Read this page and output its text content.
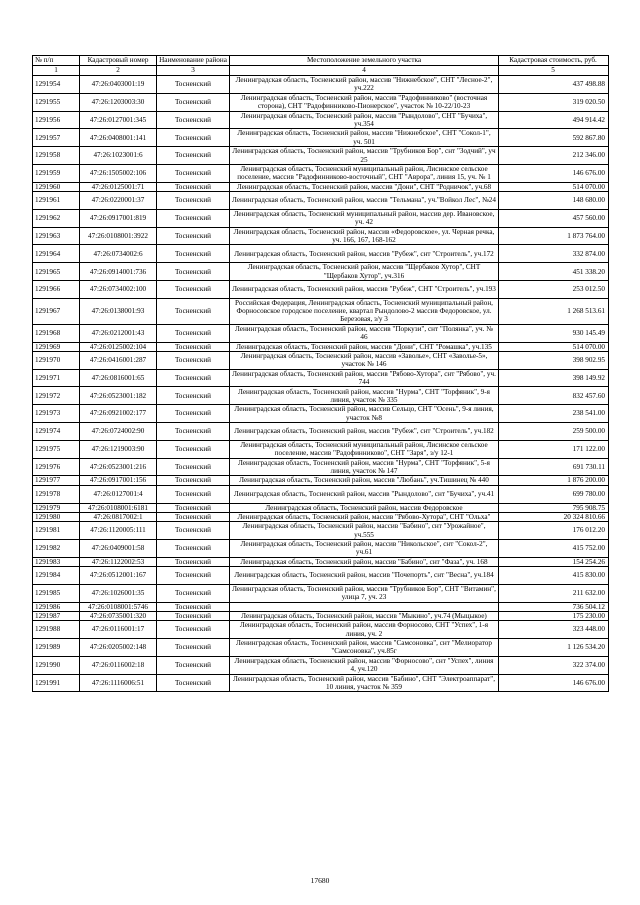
№ п/п	Кадастровый номер	Наименование района	Местоположение земельного участка	Кадастровая стоимость, руб.
1	2	3	4	5
1291954	47:26:0403001:19	Тосненский	Ленинградская область, Тосненский район, массив "Нижнебское", СНТ "Лесное-2", уч.222	437 498.88
1291955	47:26:1203003:30	Тосненский	Ленинградская область, Тосненский район, массив "Радофинниково" (восточная сторона), СНТ "Радофинниково-Пионерское", участок № 10-22/10-23	319 020.50
1291956	47:26:0127001:345	Тосненский	Ленинградская область, Тосненский район, массив "Рындолово", СНТ "Бучиха", уч.354	494 914.42
1291957	47:26:0408001:141	Тосненский	Ленинградская область, Тосненский район, массив "Нижнебское", СНТ "Сокол-1", уч. 501	592 867.80
1291958	47:26:1023001:6	Тосненский	Ленинградская область, Тосненский район, массив "Трубников Бор", снт "Зодчий", уч 25	212 346.00
1291959	47:26:1505002:106	Тосненский	Ленинградская область, Тосненский муниципальный район, Лисинское сельское поселение, массив "Радофинниково-восточный", СНТ "Аврора", линия 15, уч. № 1	146 676.00
1291960	47:26:0125001:71	Тосненский	Ленинградская область, Тосненский район, массив "Дони", СНТ "Родничок", уч.68	514 070.00
1291961	47:26:0220001:37	Тосненский	Ленинградская область, Тосненский район, массив "Тельмана", уч."Войкол Лес", №24	148 680.00
1291962	47:26:0917001:819	Тосненский	Ленинградская область, Тосненский муниципальный район, массив дер. Ивановское, уч. 42	457 560.00
1291963	47:26:0108001:3922	Тосненский	Ленинградская область, Тосненский район, массив «Федоровское», ул. Черная речка, уч. 166, 167, 168-162	1 873 764.00
1291964	47:26:0734002:6	Тосненский	Ленинградская область, Тосненский район, массив "Рубеж", снт "Строитель", уч.172	332 874.00
1291965	47:26:0914001:736	Тосненский	Ленинградская область, Тосненский район, массив "Щербаков Хутор", СНТ "Щербаков Хутор", уч.316	451 338.20
1291966	47:26:0734002:100	Тосненский	Ленинградская область, Тосненский район, массив "Рубеж", СНТ "Строитель", уч.193	253 012.50
1291967	47:26:0138001:93	Тосненский	Российская Федерация, Ленинградская область, Тосненский муниципальный район, Форносовское городское поселение, квартал Рындолово-2 массив Федоровское, ул. Березовая, з/у 3	1 268 513.61
1291968	47:26:0212001:43	Тосненский	Ленинградская область, Тосненский район, массив "Поркузи", снт "Полянка", уч. № 46	930 145.49
1291969	47:26:0125002:104	Тосненский	Ленинградская область, Тосненский район, массив "Дони", СНТ "Ромашка", уч.135	514 070.00
1291970	47:26:0416001:287	Тосненский	Ленинградская область, Тосненский район, массив «Заволье», СНТ «Заволье-5», участок № 146	398 902.95
1291971	47:26:0816001:65	Тосненский	Ленинградская область, Тосненский район, массив "Рябово-Хутора", снт "Рябово", уч. 744	398 149.92
1291972	47:26:0523001:182	Тосненский	Ленинградская область, Тосненский район, массив "Нурма", СНТ "Торфяник", 9-я линия, участок № 335	832 457.60
1291973	47:26:0921002:177	Тосненский	Ленинградская область, Тосненский район, массив Сельцо, СНТ "Осень", 9-я линия, участок №8	238 541.00
1291974	47:26:0724002:90	Тосненский	Ленинградская область, Тосненский район, массив "Рубеж", снт "Строитель", уч.182	259 500.00
1291975	47:26:1219003:90	Тосненский	Ленинградская область, Тосненский муниципальный район, Лисинское сельское поселение, массив "Радофинниково", СНТ "Заря", з/у 12-1	171 122.00
1291976	47:26:0523001:216	Тосненский	Ленинградская область, Тосненский район, массив "Нурма", СНТ "Торфяник", 5-я линия, участок № 147	691 730.11
1291977	47:26:0917001:156	Тосненский	Ленинградская область, Тосненский район, массив "Любань", уч.Тишинец № 440	1 876 200.00
1291978	47:26:0127001:4	Тосненский	Ленинградская область, Тосненский район, массив "Рындолово", снт "Бучиха", уч.41	699 780.00
1291979	47:26:0108001:6181	Тосненский	Ленинградская область, Тосненский район, массив Федоровское	795 908.75
1291980	47:26:0817002:1	Тосненский	Ленинградская область, Тосненский район, массив "Рябово-Хутора", СНТ "Ольха"	20 324 810.66
1291981	47:26:1120005:111	Тосненский	Ленинградская область, Тосненский район, массив "Бабино", снт "Урожайное", уч.555	176 012.20
1291982	47:26:0409001:58	Тосненский	Ленинградская область, Тосненский район, массив "Никольское", снт "Сокол-2", уч.61	415 752.00
1291983	47:26:1122002:53	Тосненский	Ленинградская область, Тосненский район, массив "Бабино", снт "Фаза", уч. 168	154 254.26
1291984	47:26:0512001:167	Тосненский	Ленинградская область, Тосненский район, массив "Почепорть", снт "Весна", уч.184	415 830.00
1291985	47:26:1026001:35	Тосненский	Ленинградская область, Тосненский район, массив "Трубников Бор", СНТ "Витамин", улица 7, уч. 23	211 632.00
1291986	47:26:0108001:5746	Тосненский		736 504.12
1291987	47:26:0735001:320	Тосненский	Ленинградская область, Тосненский район, массив "Мыкино", уч.74 (Мыцыкое)	175 230.00
1291988	47:26:0116001:17	Тосненский	Ленинградская область, Тосненский район, массив Форносово, СНТ "Успех", 1-я линия, уч. 2	323 448.00
1291989	47:26:0205002:148	Тосненский	Ленинградская область, Тосненский район, массив "Самсоновка", снт "Мелиоратор "Самсоновка", уч.85г	1 126 534.20
1291990	47:26:0116002:18	Тосненский	Ленинградская область, Тосненский район, массив "Форносово", снт "Успех", линия 4, уч.120	322 374.00
1291991	47:26:1116006:51	Тосненский	Ленинградская область, Тосненский район, массив "Бабино", СНТ "Электроаппарат", 10 линия, участок № 359	146 676.00
17680
